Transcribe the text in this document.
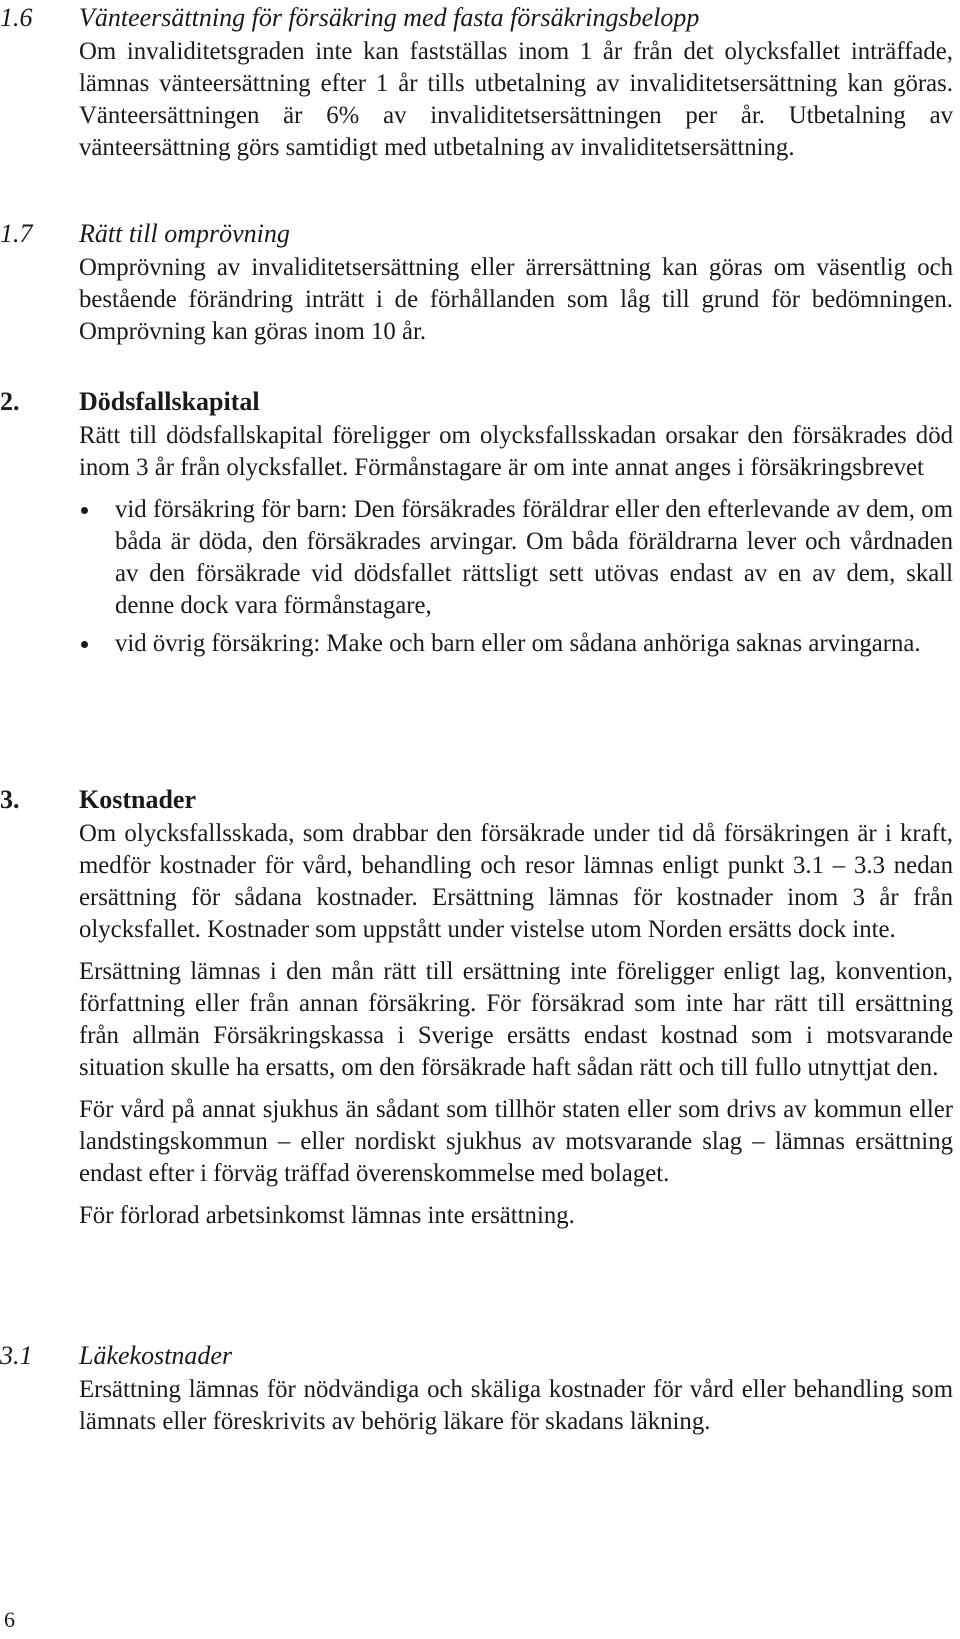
1.6 Vänteersättning för försäkring med fasta försäkringsbelopp

Om invaliditetsgraden inte kan fastställas inom 1 år från det olycksfallet inträffade, lämnas vänteersättning efter 1 år tills utbetalning av invaliditetsersättning kan göras. Vänteersättningen är 6% av invaliditetsersättningen per år. Utbetalning av vänteersättning görs samtidigt med utbetalning av invaliditetsersättning.

1.7 Rätt till omprövning

Omprövning av invaliditetsersättning eller ärrersättning kan göras om väsentlig och bestående förändring inträtt i de förhållanden som låg till grund för bedömningen. Omprövning kan göras inom 10 år.

2. Dödsfallskapital

Rätt till dödsfallskapital föreligger om olycksfallsskadan orsakar den försäkrades död inom 3 år från olycksfallet. Förmånstagare är om inte annat anges i försäkringsbrevet

vid försäkring för barn: Den försäkrades föräldrar eller den efterlevande av dem, om båda är döda, den försäkrades arvingar. Om båda föräldrarna lever och vårdnaden av den försäkrade vid dödsfallet rättsligt sett utövas endast av en av dem, skall denne dock vara förmånstagare,
vid övrig försäkring: Make och barn eller om sådana anhöriga saknas arvingarna.
3. Kostnader

Om olycksfallsskada, som drabbar den försäkrade under tid då försäkringen är i kraft, medför kostnader för vård, behandling och resor lämnas enligt punkt 3.1 – 3.3 nedan ersättning för sådana kostnader. Ersättning lämnas för kostnader inom 3 år från olycksfallet. Kostnader som uppstått under vistelse utom Norden ersätts dock inte.

Ersättning lämnas i den mån rätt till ersättning inte föreligger enligt lag, konvention, författning eller från annan försäkring. För försäkrad som inte har rätt till ersättning från allmän Försäkringskassa i Sverige ersätts endast kostnad som i motsvarande situation skulle ha ersatts, om den försäkrade haft sådan rätt och till fullo utnyttjat den.

För vård på annat sjukhus än sådant som tillhör staten eller som drivs av kommun eller landstingskommun – eller nordiskt sjukhus av motsvarande slag – lämnas ersättning endast efter i förväg träffad överenskommelse med bolaget.

För förlorad arbetsinkomst lämnas inte ersättning.

3.1 Läkekostnader

Ersättning lämnas för nödvändiga och skäliga kostnader för vård eller behandling som lämnats eller föreskrivits av behörig läkare för skadans läkning.

6
